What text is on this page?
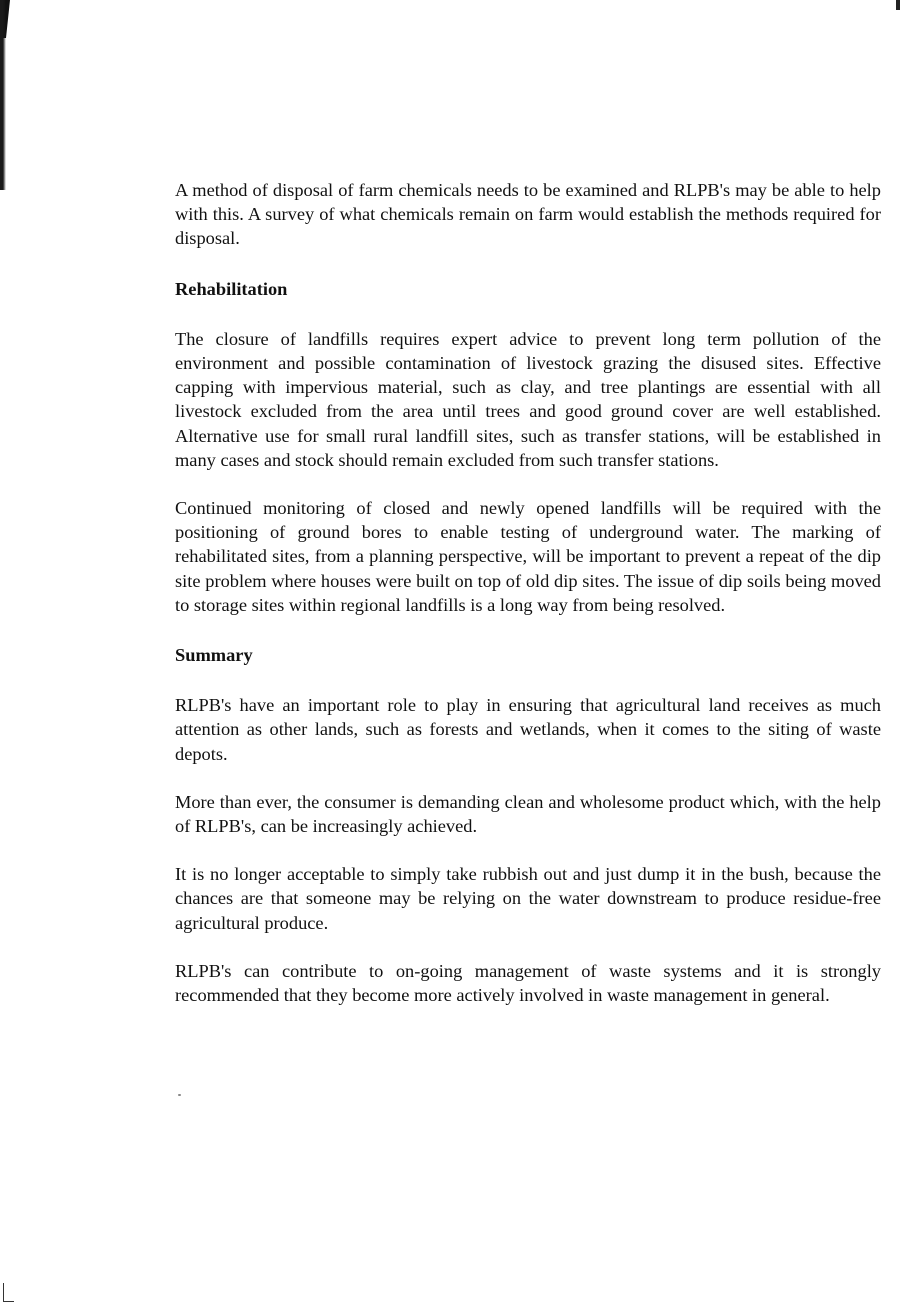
A method of disposal of farm chemicals needs to be examined and RLPB's may be able to help with this. A survey of what chemicals remain on farm would establish the methods required for disposal.

Rehabilitation

The closure of landfills requires expert advice to prevent long term pollution of the environment and possible contamination of livestock grazing the disused sites. Effective capping with impervious material, such as clay, and tree plantings are essential with all livestock excluded from the area until trees and good ground cover are well established. Alternative use for small rural landfill sites, such as transfer stations, will be established in many cases and stock should remain excluded from such transfer stations.

Continued monitoring of closed and newly opened landfills will be required with the positioning of ground bores to enable testing of underground water. The marking of rehabilitated sites, from a planning perspective, will be important to prevent a repeat of the dip site problem where houses were built on top of old dip sites. The issue of dip soils being moved to storage sites within regional landfills is a long way from being resolved.

Summary

RLPB's have an important role to play in ensuring that agricultural land receives as much attention as other lands, such as forests and wetlands, when it comes to the siting of waste depots.

More than ever, the consumer is demanding clean and wholesome product which, with the help of RLPB's, can be increasingly achieved.

It is no longer acceptable to simply take rubbish out and just dump it in the bush, because the chances are that someone may be relying on the water downstream to produce residue-free agricultural produce.

RLPB's can contribute to on-going management of waste systems and it is strongly recommended that they become more actively involved in waste management in general.
